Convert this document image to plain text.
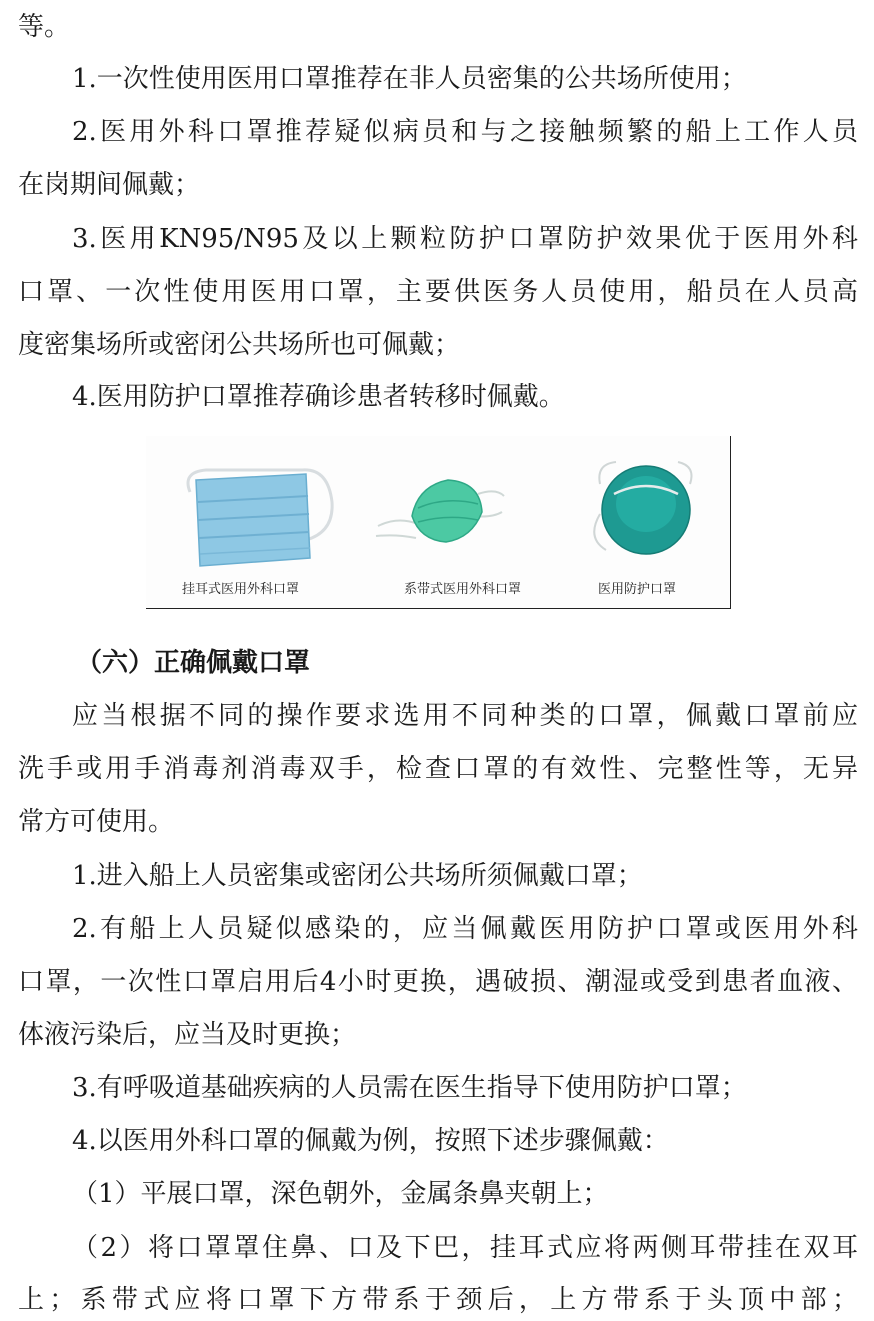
等。
1.一次性使用医用口罩推荐在非人员密集的公共场所使用；
2.医用外科口罩推荐疑似病员和与之接触频繁的船上工作人员
在岗期间佩戴；
3.医用KN95/N95及以上颗粒防护口罩防护效果优于医用外科
口罩、一次性使用医用口罩，主要供医务人员使用，船员在人员高
度密集场所或密闭公共场所也可佩戴；
4.医用防护口罩推荐确诊患者转移时佩戴。
挂耳式医用外科口罩	系带式医用外科口罩	医用防护口罩
（六）正确佩戴口罩
应当根据不同的操作要求选用不同种类的口罩，佩戴口罩前应
洗手或用手消毒剂消毒双手，检查口罩的有效性、完整性等，无异
常方可使用。
1.进入船上人员密集或密闭公共场所须佩戴口罩；
2.有船上人员疑似感染的，应当佩戴医用防护口罩或医用外科
口罩，一次性口罩启用后4小时更换，遇破损、潮湿或受到患者血液、
体液污染后，应当及时更换；
3.有呼吸道基础疾病的人员需在医生指导下使用防护口罩；
4.以医用外科口罩的佩戴为例，按照下述步骤佩戴：
（1）平展口罩，深色朝外，金属条鼻夹朝上；
（2）将口罩罩住鼻、口及下巴，挂耳式应将两侧耳带挂在双耳
上；系带式应将口罩下方带系于颈后，上方带系于头顶中部；
